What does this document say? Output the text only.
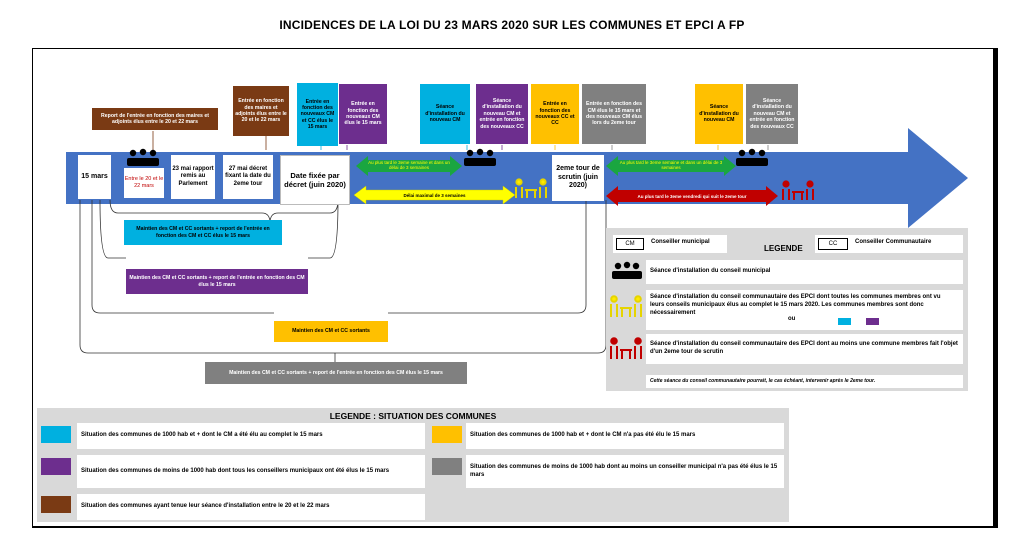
INCIDENCES DE LA LOI DU 23 MARS 2020 SUR LES COMMUNES ET EPCI A FP
Report de l'entrée en fonction des maires et adjoints élus entre le 20 et 22 mars
Entrée en fonction des maires et adjoints élus entre le 20 et le 22 mars
Entrée en fonction des nouveaux CM et CC élus le 15 mars
Entrée en fonction des nouveaux CM élus le 15 mars
Séance d'installation du nouveau CM
Séance d'installation du nouveau CM et entrée en fonction des nouveaux CC
Entrée en fonction des nouveaux CC et CC
Entrée en fonction des CM élus le 15 mars et des nouveaux CM élus lors du 2eme tour
Séance d'installation du nouveau CM
Séance d'installation du nouveau CM et entrée en fonction des nouveaux CC
15 mars	Entre le 20 et le 22 mars
23 mai rapport remis au Parlement
27 mai décret fixant la date du 2eme tour
Date fixée par décret (juin 2020)
2eme tour de scrutin (juin 2020)
Au plus tard le 3eme semaine et dans un délai de 3 semaines
Délai maximal de 3 semaines
Au plus tard le 3eme semaine et dans un délai de 3 semaines
Au plus tard le 3eme vendredi qui suit le 2eme tour
Maintien des CM et CC sortants + report de l'entrée en fonction des CM et CC élus le 15 mars
Maintien des CM et CC sortants + report de l'entrée en fonction des CM élus le 15 mars
Maintien des CM et CC sortants
Maintien des CM et CC sortants + report de l'entrée en fonction des CM élus le 15 mars
LEGENDE
CM	Conseiller municipal	CC	Conseiller Communautaire
Séance d'installation du conseil municipal
Séance d'installation du conseil communautaire des EPCI dont toutes les communes membres ont vu leurs conseils municipaux élus au complet le 15 mars 2020. Les communes membres sont donc nécessairement
ou
Séance d'installation du conseil communautaire des EPCI dont au moins une commune membres fait l'objet d'un 2eme tour de scrutin
Cette séance du conseil communautaire pourrait, le cas échéant, intervenir après le 2eme tour.
LEGENDE : SITUATION DES COMMUNES
Situation des communes de 1000 hab et + dont le CM a été élu au complet le 15 mars	Situation des communes de 1000 hab et + dont le CM n'a pas été élu le 15 mars
Situation des communes de moins de 1000 hab dont tous les conseillers municipaux ont été élus le 15 mars
Situation des communes de moins de 1000 hab dont au moins un conseiller municipal n'a pas été élus le 15 mars
Situation des communes ayant tenue leur séance d'installation entre le 20 et le 22 mars
